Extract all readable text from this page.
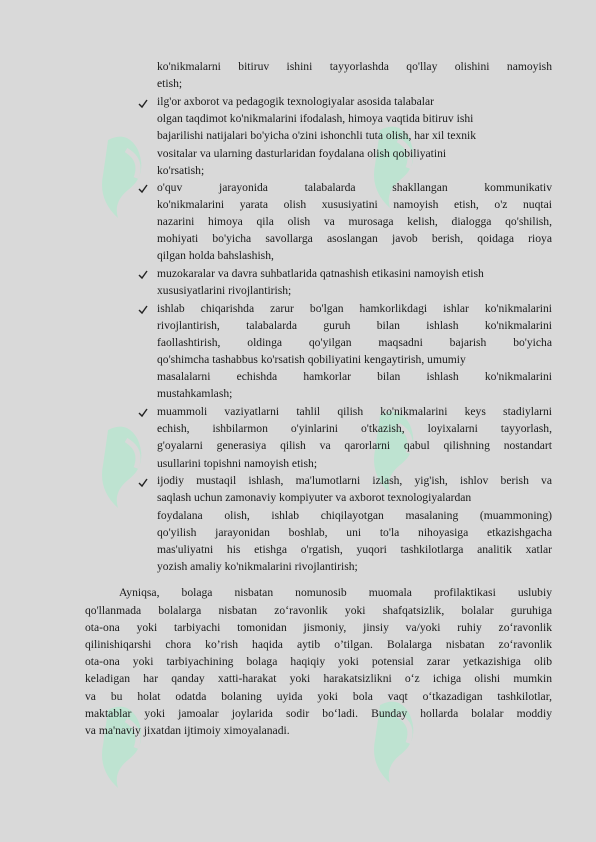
ko'nikmalarni bitiruv ishini tayyorlashda qo'llay olishini namoyish
etish;
ilg'or axborot va pedagogik texnologiyalar asosida talabalar
olgan taqdimot ko'nikmalarini ifodalash, himoya vaqtida bitiruv ishi
bajarilishi natijalari bo'yicha o'zini ishonchli tuta olish, har xil texnik
vositalar va ularning dasturlaridan foydalana olish qobiliyatini
ko'rsatish;
o'quv jarayonida talabalarda shakllangan kommunikativ
ko'nikmalarini yarata olish xususiyatini namoyish etish, o'z nuqtai
nazarini himoya qila olish va murosaga kelish, dialogga qo'shilish,
mohiyati bo'yicha savollarga asoslangan javob berish, qoidaga rioya
qilgan holda bahslashish,
muzokaralar va davra suhbatlarida qatnashish etikasini namoyish etish
xususiyatlarini rivojlantirish;
ishlab chiqarishda zarur bo'lgan hamkorlikdagi ishlar ko'nikmalarini
rivojlantirish, talabalarda guruh bilan ishlash ko'nikmalarini
faollashtirish, oldinga qo'yilgan maqsadni bajarish bo'yicha
qo'shimcha tashabbus ko'rsatish qobiliyatini kengaytirish, umumiy
masalalarni echishda hamkorlar bilan ishlash ko'nikmalarini
mustahkamlash;
muammoli vaziyatlarni tahlil qilish ko'nikmalarini keys stadiylarni
echish, ishbilarmon o'yinlarini o'tkazish, loyixalarni tayyorlash,
g'oyalarni generasiya qilish va qarorlarni qabul qilishning nostandart
usullarini topishni namoyish etish;
ijodiy mustaqil ishlash, ma'lumotlarni izlash, yig'ish, ishlov berish va
saqlash uchun zamonaviy kompiyuter va axborot texnologiyalardan
foydalana olish, ishlab chiqilayotgan masalaning (muammoning)
qo'yilish jarayonidan boshlab, uni to'la nihoyasiga etkazishgacha
mas'uliyatni his etishga o'rgatish, yuqori tashkilotlarga analitik xatlar
yozish amaliy ko'nikmalarini rivojlantirish;
Ayniqsa, bolaga nisbatan nomunosib muomala profilaktikasi uslubiy
qo'llanmada bolalarga nisbatan zo‘ravonlik yoki shafqatsizlik, bolalar guruhiga
ota-ona yoki tarbiyachi tomonidan jismoniy, jinsiy va/yoki ruhiy zo‘ravonlik
qilinishiqarshi chora ko’rish haqida aytib o’tilgan. Bolalarga nisbatan zo‘ravonlik
ota-ona yoki tarbiyachining bolaga haqiqiy yoki potensial zarar yetkazishiga olib
keladigan har qanday xatti-harakat yoki harakatsizlikni o‘z ichiga olishi mumkin
va bu holat odatda bolaning uyida yoki bola vaqt o‘tkazadigan tashkilotlar,
maktablar yoki jamoalar joylarida sodir bo‘ladi. Bunday hollarda bolalar moddiy
va ma'naviy jixatdan ijtimoiy ximoyalanadi.
